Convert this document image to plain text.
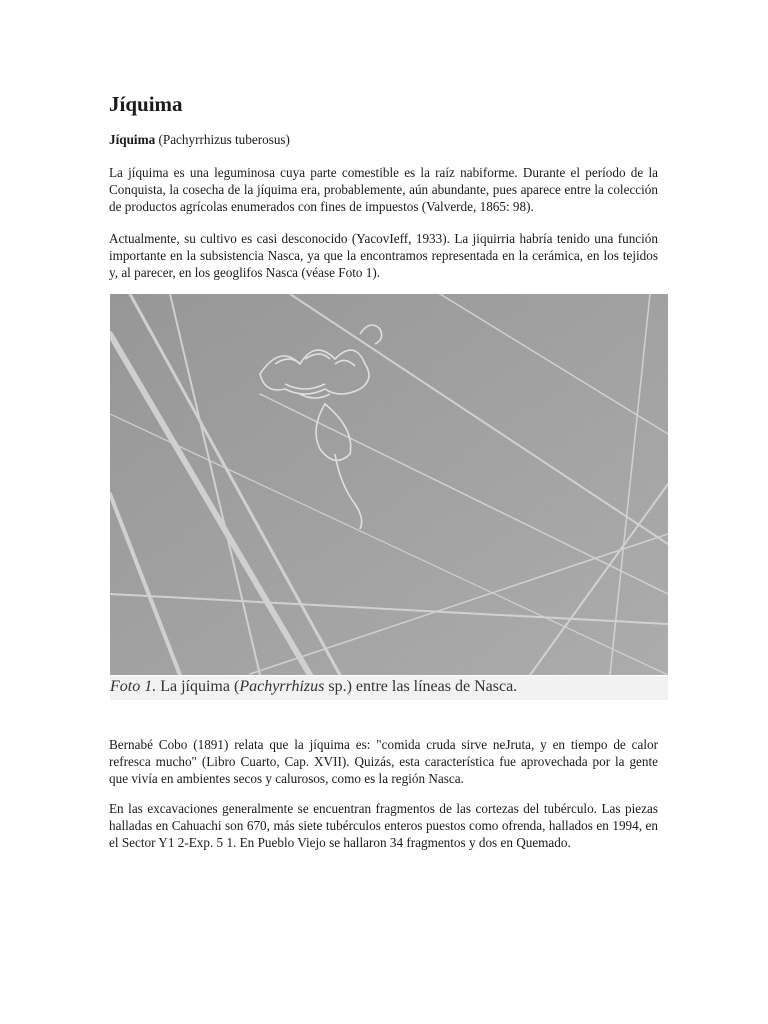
Jíquima

Jíquima (Pachyrrhizus tuberosus)

La jíquima es una leguminosa cuya parte comestible es la raíz nabiforme. Durante el período de la Conquista, la cosecha de la jíquima era, probablemente, aún abundante, pues aparece entre la colección de productos agrícolas enumerados con fines de impuestos (Valverde, 1865: 98).

Actualmente, su cultivo es casi desconocido (YacovIeff, 1933). La jiquirria habría tenido una función importante en la subsistencia Nasca, ya que la encontramos representada en la cerámica, en los tejidos y, al parecer, en los geoglifos Nasca (véase Foto 1).

Foto 1. La jíquima (Pachyrrhizus sp.) entre las líneas de Nasca.

Bernabé Cobo (1891) relata que la jíquima es: "comida cruda sirve neJruta, y en tiempo de calor refresca mucho" (Libro Cuarto, Cap. XVII). Quizás, esta característica fue aprovechada por la gente que vivía en ambientes secos y calurosos, como es la región Nasca.

En las excavaciones generalmente se encuentran fragmentos de las cortezas del tubérculo. Las piezas halladas en Cahuachi son 670, más siete tubérculos enteros puestos como ofrenda, hallados en 1994, en el Sector Y1 2-Exp. 5 1. En Pueblo Viejo se hallaron 34 fragmentos y dos en Quemado.
